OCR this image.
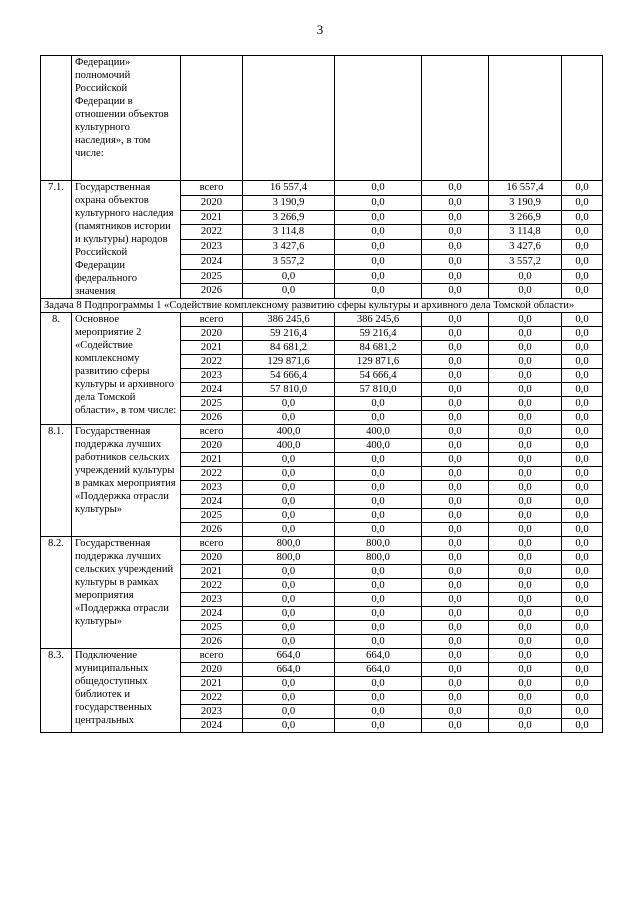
3
	Федерации» полномочий Российской Федерации в отношении объектов культурного наследия», в том числе:							
7.1.	Государственная охрана объектов культурного наследия (памятников истории и культуры) народов Российской Федерации федерального значения	всего	16 557,4	0,0	0,0	16 557,4	0,0	
		2020	3 190,9	0,0	0,0	3 190,9	0,0	
		2021	3 266,9	0,0	0,0	3 266,9	0,0	
		2022	3 114,8	0,0	0,0	3 114,8	0,0	
		2023	3 427,6	0,0	0,0	3 427,6	0,0	
		2024	3 557,2	0,0	0,0	3 557,2	0,0	
		2025	0,0	0,0	0,0	0,0	0,0	
		2026	0,0	0,0	0,0	0,0	0,0	
Задача 8 Подпрограммы 1 «Содействие комплексному развитию сферы культуры и архивного дела Томской области»								
8.	Основное мероприятие 2 «Содействие комплексному развитию сферы культуры и архивного дела Томской области», в том числе:	всего	386 245,6	386 245,6	0,0	0,0	0,0	
		2020	59 216,4	59 216,4	0,0	0,0	0,0	
		2021	84 681,2	84 681,2	0,0	0,0	0,0	
		2022	129 871,6	129 871,6	0,0	0,0	0,0	
		2023	54 666,4	54 666,4	0,0	0,0	0,0	
		2024	57 810,0	57 810,0	0,0	0,0	0,0	
		2025	0,0	0,0	0,0	0,0	0,0	
		2026	0,0	0,0	0,0	0,0	0,0	
8.1.	Государственная поддержка лучших работников сельских учреждений культуры в рамках мероприятия «Поддержка отрасли культуры»	всего	400,0	400,0	0,0	0,0	0,0	
		2020	400,0	400,0	0,0	0,0	0,0	
		2021	0,0	0,0	0,0	0,0	0,0	
		2022	0,0	0,0	0,0	0,0	0,0	
		2023	0,0	0,0	0,0	0,0	0,0	
		2024	0,0	0,0	0,0	0,0	0,0	
		2025	0,0	0,0	0,0	0,0	0,0	
		2026	0,0	0,0	0,0	0,0	0,0	
8.2.	Государственная поддержка лучших сельских учреждений культуры в рамках мероприятия «Поддержка отрасли культуры»	всего	800,0	800,0	0,0	0,0	0,0	
		2020	800,0	800,0	0,0	0,0	0,0	
		2021	0,0	0,0	0,0	0,0	0,0	
		2022	0,0	0,0	0,0	0,0	0,0	
		2023	0,0	0,0	0,0	0,0	0,0	
		2024	0,0	0,0	0,0	0,0	0,0	
		2025	0,0	0,0	0,0	0,0	0,0	
		2026	0,0	0,0	0,0	0,0	0,0	
8.3.	Подключение муниципальных общедоступных библиотек и государственных центральных	всего	664,0	664,0	0,0	0,0	0,0	
		2020	664,0	664,0	0,0	0,0	0,0	
		2021	0,0	0,0	0,0	0,0	0,0	
		2022	0,0	0,0	0,0	0,0	0,0	
		2023	0,0	0,0	0,0	0,0	0,0	
		2024	0,0	0,0	0,0	0,0	0,0	
